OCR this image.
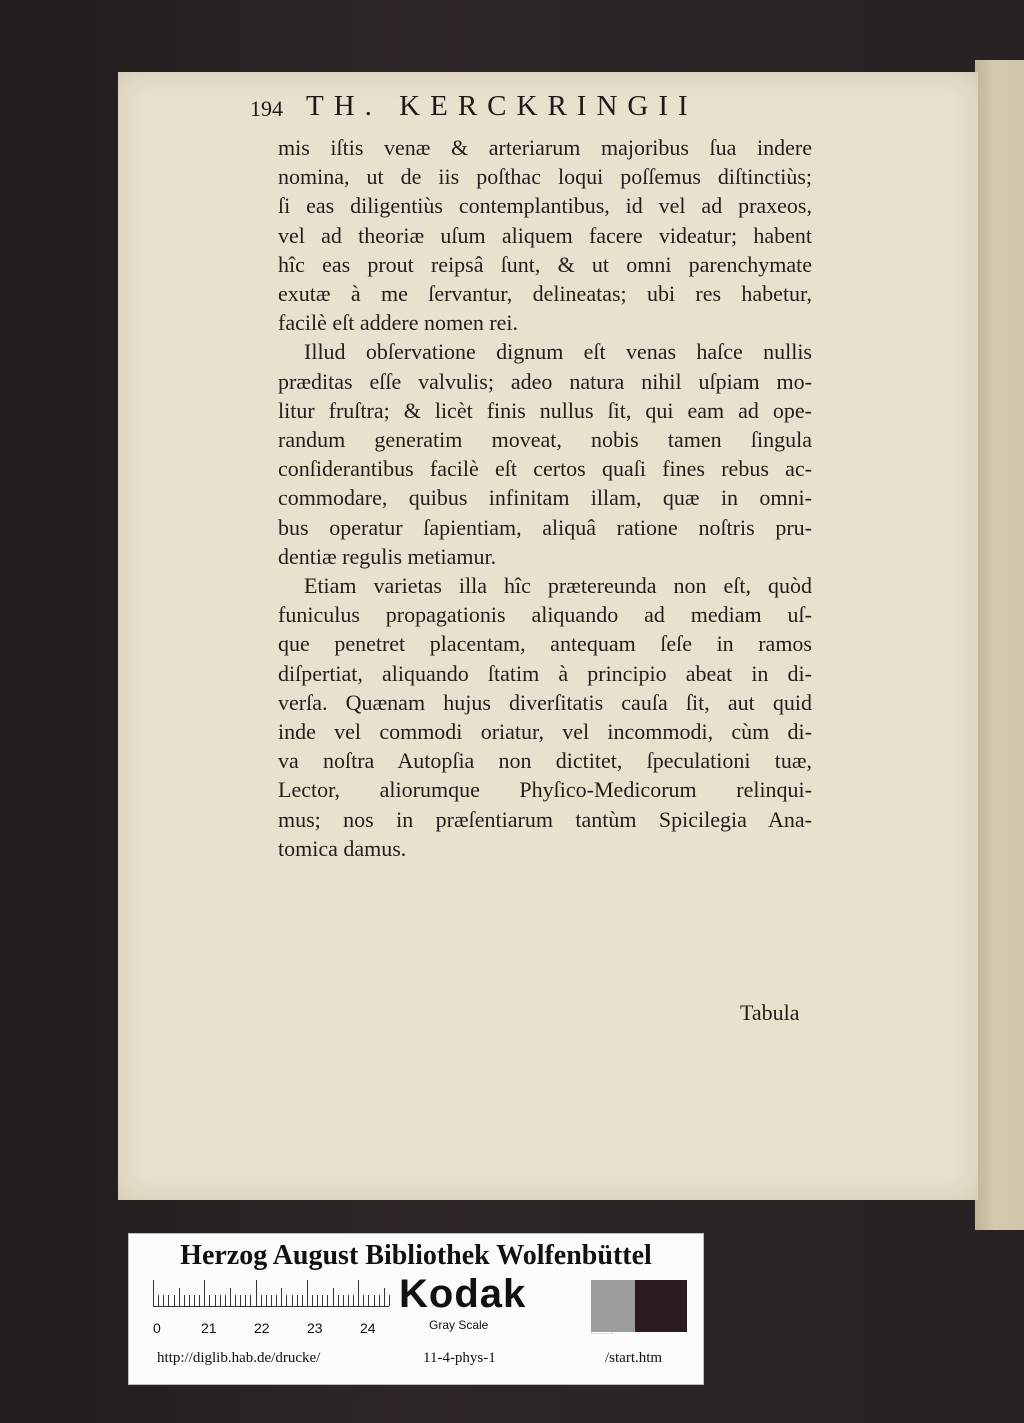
194 TH. KERCKRINGII
mis iſtis venæ & arteriarum majoribus ſua indere
nomina, ut de iis poſthac loqui poſſemus diſtinctiùs;
ſi eas diligentiùs contemplantibus, id vel ad praxeos,
vel ad theoriæ uſum aliquem facere videatur; habent
hîc eas prout reipsâ ſunt, & ut omni parenchymate
exutæ à me ſervantur, delineatas; ubi res habetur,
facilè eſt addere nomen rei.
Illud obſervatione dignum eſt venas haſce nullis
præditas eſſe valvulis; adeo natura nihil uſpiam mo-
litur fruſtra; & licèt finis nullus ſit, qui eam ad ope-
randum generatim moveat, nobis tamen ſingula
conſiderantibus facilè eſt certos quaſi fines rebus ac-
commodare, quibus infinitam illam, quæ in omni-
bus operatur ſapientiam, aliquâ ratione noſtris pru-
dentiæ regulis metiamur.
Etiam varietas illa hîc prætereunda non eſt, quòd
funiculus propagationis aliquando ad mediam uſ-
que penetret placentam, antequam ſeſe in ramos
diſpertiat, aliquando ſtatim à principio abeat in di-
verſa. Quænam hujus diverſitatis cauſa ſit, aut quid
inde vel commodi oriatur, vel incommodi, cùm di-
va noſtra Autopſia non dictitet, ſpeculationi tuæ,
Lector, aliorumque Phyſico-Medicorum relinqui-
mus; nos in præſentiarum tantùm Spicilegia Ana-
tomica damus.
Tabula
Herzog August Bibliothek Wolfenbüttel
0	21	22	23	24
Kodak
Gray Scale
http://diglib.hab.de/drucke/	11-4-phys-1	/start.htm
